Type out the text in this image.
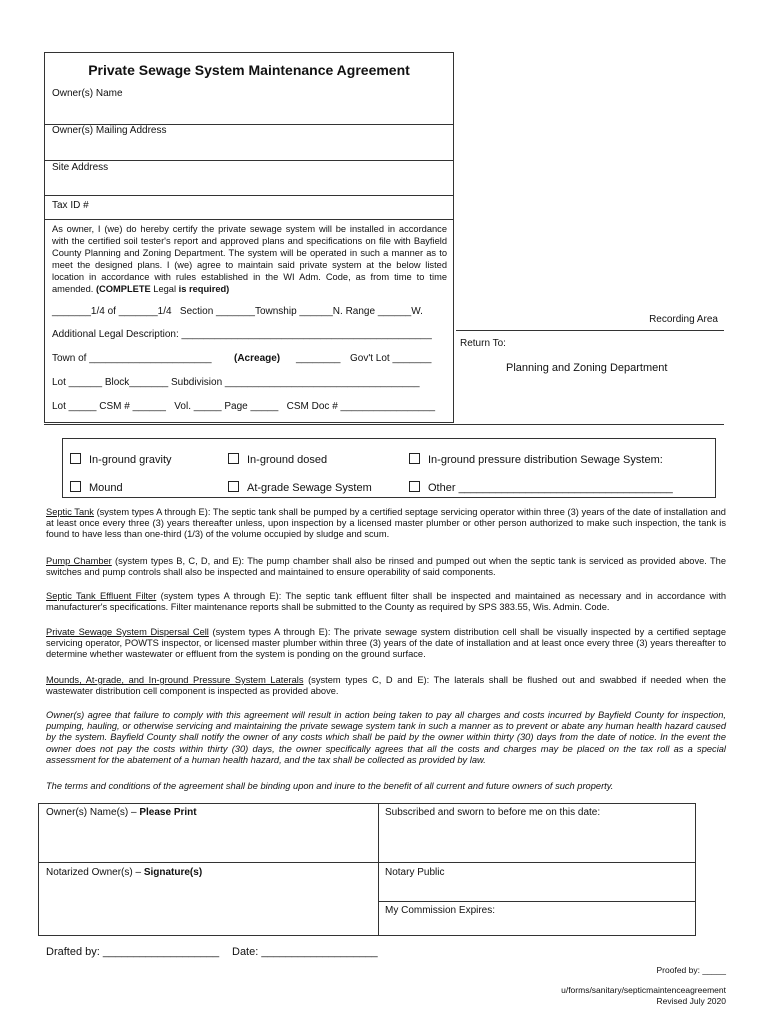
Private Sewage System Maintenance Agreement
Owner(s) Name
Owner(s) Mailing Address
Site Address
Tax ID #
As owner, I (we) do hereby certify the private sewage system will be installed in accordance with the certified soil tester's report and approved plans and specifications on file with Bayfield County Planning and Zoning Department. The system will be operated in such a manner as to meet the designed plans. I (we) agree to maintain said private system at the below listed location in accordance with rules established in the WI Adm. Code, as from time to time amended. (COMPLETE Legal is required)
_______1/4 of _______1/4   Section _______Township ______N. Range ______W.
Additional Legal Description: _____________________________________________
Town of ______________________ (Acreage) ________ Gov't Lot _______
Lot ______ Block_______ Subdivision ___________________________________
Lot _____ CSM # ______   Vol. _____ Page _____   CSM Doc # _________________
Recording Area
Return To:
Planning and Zoning Department
In-ground gravity	In-ground dosed	In-ground pressure distribution Sewage System:
Mound	At-grade Sewage System	Other ___________________________________
Septic Tank (system types A through E): The septic tank shall be pumped by a certified septage servicing operator within three (3) years of the date of installation and at least once every three (3) years thereafter unless, upon inspection by a licensed master plumber or other person authorized to make such inspection, the tank is found to have less than one-third (1/3) of the volume occupied by sludge and scum.
Pump Chamber (system types B, C, D, and E): The pump chamber shall also be rinsed and pumped out when the septic tank is serviced as provided above. The switches and pump controls shall also be inspected and maintained to ensure operability of said components.
Septic Tank Effluent Filter (system types A through E): The septic tank effluent filter shall be inspected and maintained as necessary and in accordance with manufacturer's specifications. Filter maintenance reports shall be submitted to the County as required by SPS 383.55, Wis. Admin. Code.
Private Sewage System Dispersal Cell (system types A through E): The private sewage system distribution cell shall be visually inspected by a certified septage servicing operator, POWTS inspector, or licensed master plumber within three (3) years of the date of installation and at least once every three (3) years thereafter to determine whether wastewater or effluent from the system is ponding on the ground surface.
Mounds, At-grade, and In-ground Pressure System Laterals (system types C, D and E): The laterals shall be flushed out and swabbed if needed when the wastewater distribution cell component is inspected as provided above.
Owner(s) agree that failure to comply with this agreement will result in action being taken to pay all charges and costs incurred by Bayfield County for inspection, pumping, hauling, or otherwise servicing and maintaining the private sewage system tank in such a manner as to prevent or abate any human health hazard caused by the system. Bayfield County shall notify the owner of any costs which shall be paid by the owner within thirty (30) days from the date of notice. In the event the owner does not pay the costs within thirty (30) days, the owner specifically agrees that all the costs and charges may be placed on the tax roll as a special assessment for the abatement of a human health hazard, and the tax shall be collected as provided by law.
The terms and conditions of the agreement shall be binding upon and inure to the benefit of all current and future owners of such property.
Owner(s) Name(s) – Please Print	Subscribed and sworn to before me on this date:
Notarized Owner(s) – Signature(s)	Notary Public
My Commission Expires:
Drafted by: ___________________ Date: ___________________
Proofed by: _____
u/forms/sanitary/septicmaintenceagreement
Revised July 2020
